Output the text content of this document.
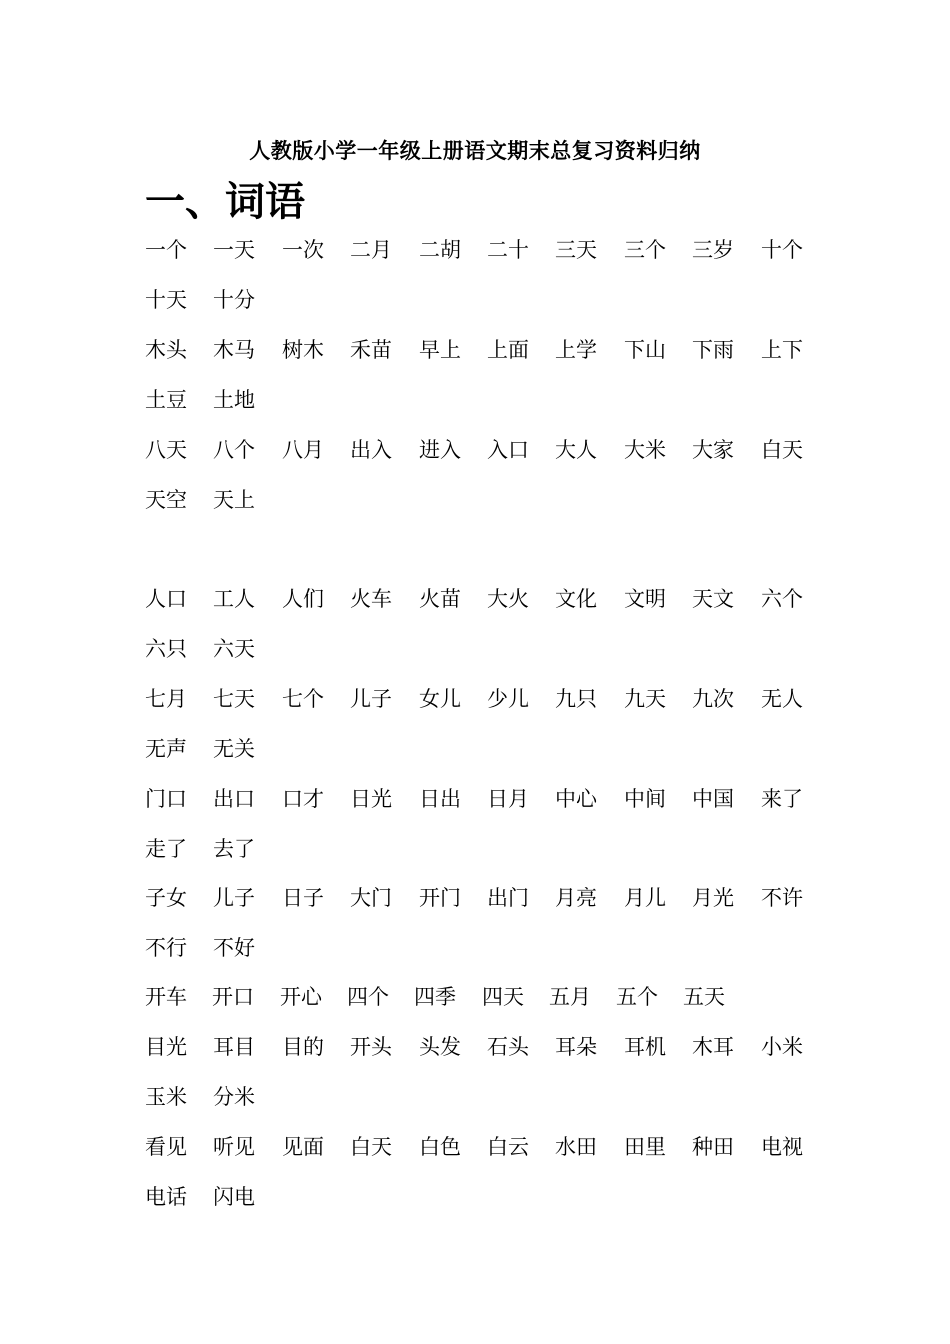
人教版小学一年级上册语文期末总复习资料归纳
一、词语
一个 一天 一次 二月 二胡 二十 三天 三个 三岁 十个
十天 十分
木头 木马 树木 禾苗 早上 上面 上学 下山 下雨 上下
土豆 土地
八天 八个 八月 出入 进入 入口 大人 大米 大家 白天
天空 天上
人口 工人 人们 火车 火苗 大火 文化 文明 天文 六个
六只 六天
七月 七天 七个 儿子 女儿 少儿 九只 九天 九次 无人
无声 无关
门口 出口 口才 日光 日出 日月 中心 中间 中国 来了
走了 去了
子女 儿子 日子 大门 开门 出门 月亮 月儿 月光 不许
不行 不好
开车 开口 开心 四个 四季 四天 五月 五个 五天
目光 耳目 目的 开头 头发 石头 耳朵 耳机 木耳 小米
玉米 分米
看见 听见 见面 白天 白色 白云 水田 田里 种田 电视
电话 闪电
